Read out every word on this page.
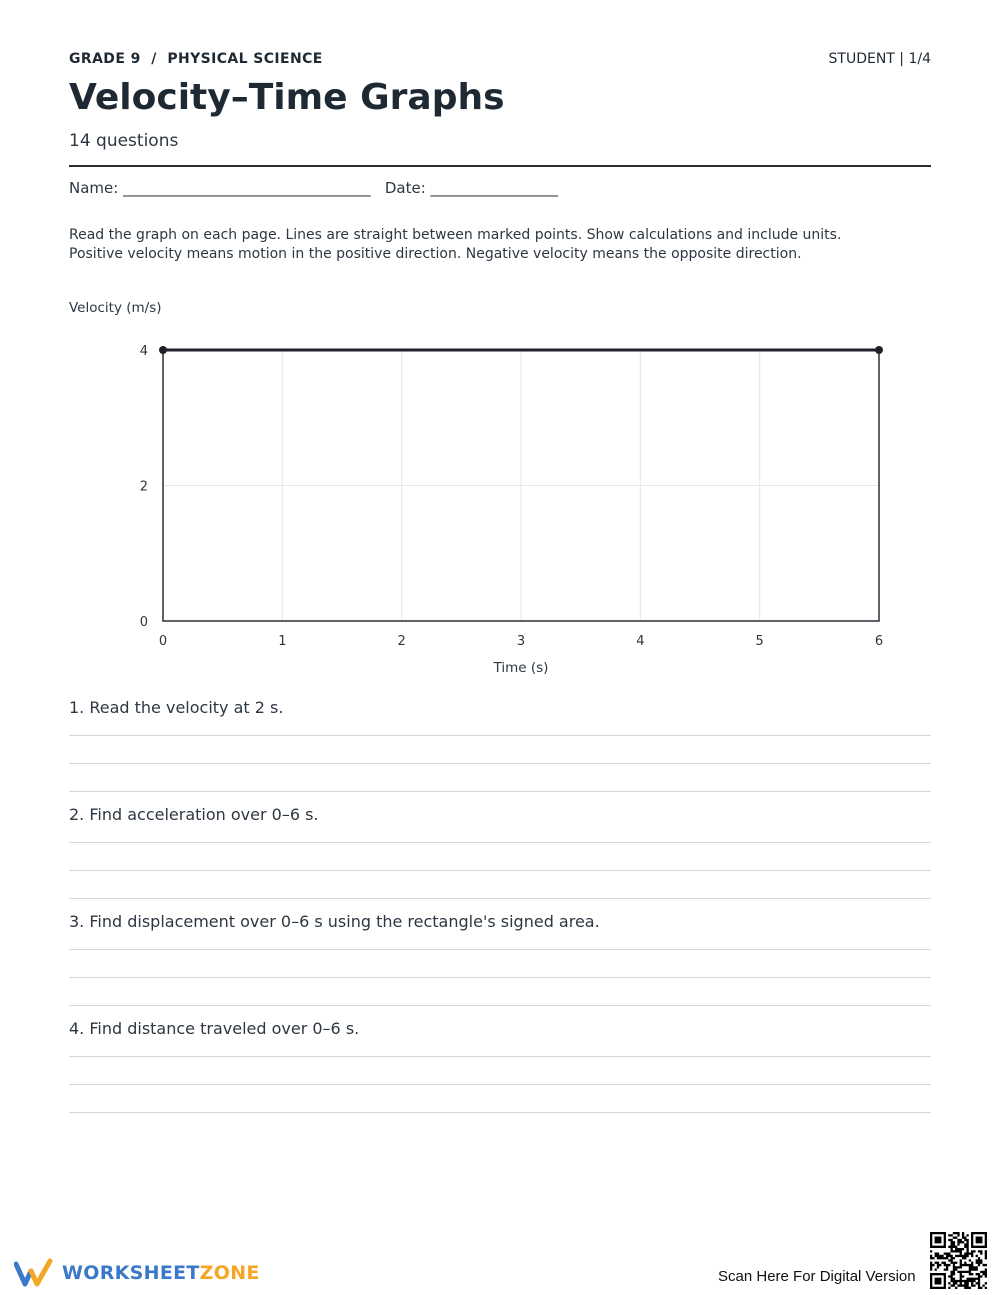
GRADE 9  /  PHYSICAL SCIENCE	STUDENT | 1/4
Velocity–Time Graphs
14 questions
Name: _________________________________   Date: _________________
Read the graph on each page. Lines are straight between marked points. Show calculations and include units.
Positive velocity means motion in the positive direction. Negative velocity means the opposite direction.
Velocity (m/s)
0	1	2	3	4	5	6
0
2
4
Time (s)
1. Read the velocity at 2 s.
2. Find acceleration over 0–6 s.
3. Find displacement over 0–6 s using the rectangle's signed area.
4. Find distance traveled over 0–6 s.
WORKSHEETZONE	Scan Here For Digital Version
